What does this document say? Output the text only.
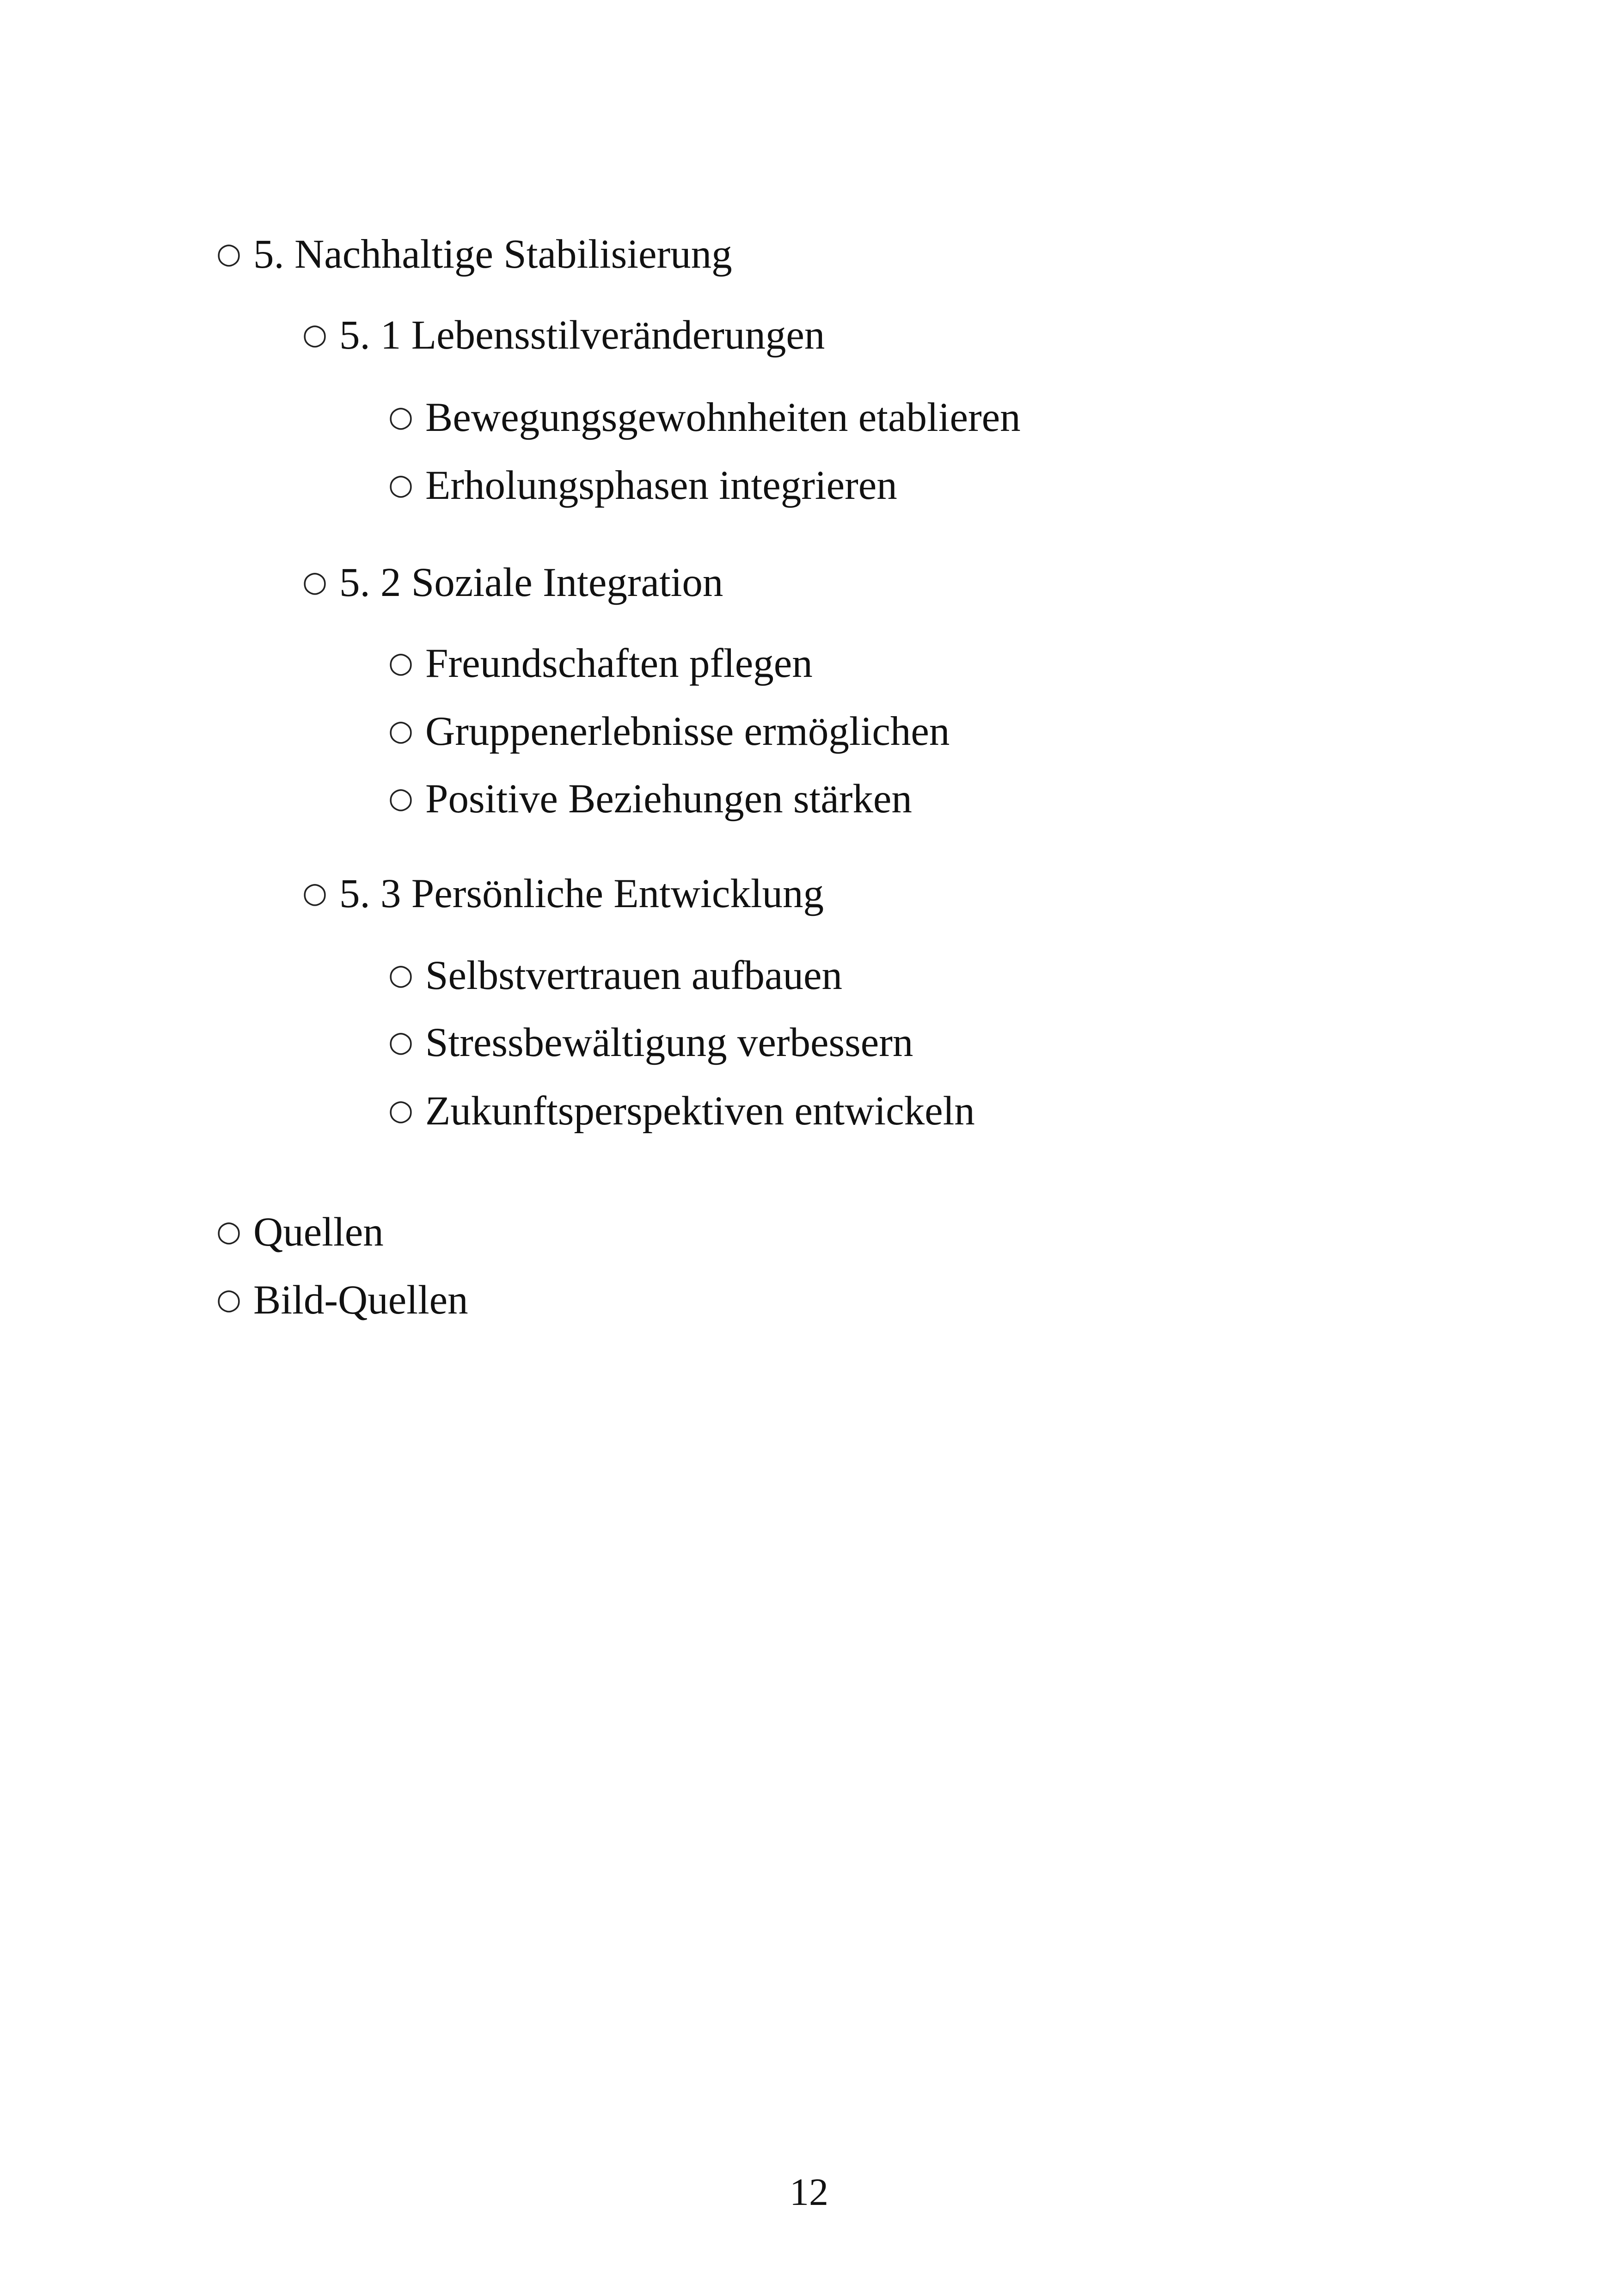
○ 5. Nachhaltige Stabilisierung
○ 5. 1 Lebensstilveränderungen
○ Bewegungsgewohnheiten etablieren
○ Erholungsphasen integrieren
○ 5. 2 Soziale Integration
○ Freundschaften pflegen
○ Gruppenerlebnisse ermöglichen
○ Positive Beziehungen stärken
○ 5. 3 Persönliche Entwicklung
○ Selbstvertrauen aufbauen
○ Stressbewältigung verbessern
○ Zukunftsperspektiven entwickeln
○ Quellen
○ Bild-Quellen
12
